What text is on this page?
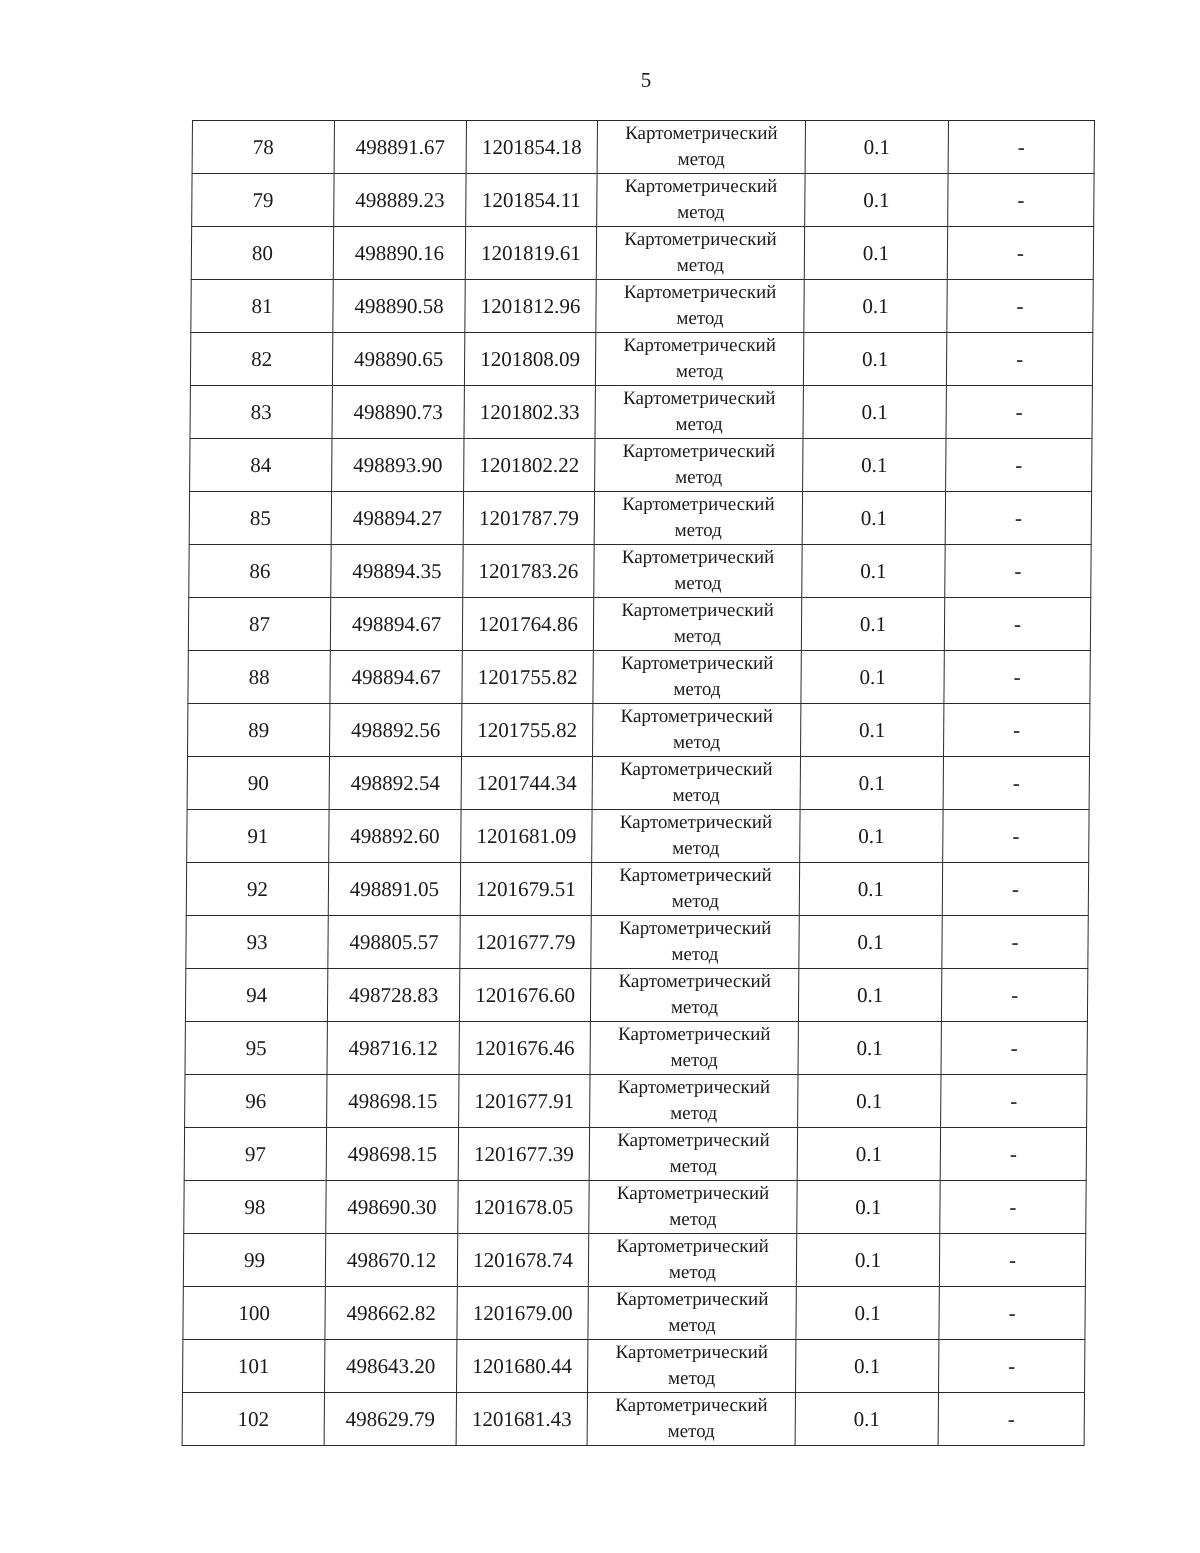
5
78	498891.67	1201854.18	Картометрический
метод	0.1	-
79	498889.23	1201854.11	Картометрический
метод	0.1	-
80	498890.16	1201819.61	Картометрический
метод	0.1	-
81	498890.58	1201812.96	Картометрический
метод	0.1	-
82	498890.65	1201808.09	Картометрический
метод	0.1	-
83	498890.73	1201802.33	Картометрический
метод	0.1	-
84	498893.90	1201802.22	Картометрический
метод	0.1	-
85	498894.27	1201787.79	Картометрический
метод	0.1	-
86	498894.35	1201783.26	Картометрический
метод	0.1	-
87	498894.67	1201764.86	Картометрический
метод	0.1	-
88	498894.67	1201755.82	Картометрический
метод	0.1	-
89	498892.56	1201755.82	Картометрический
метод	0.1	-
90	498892.54	1201744.34	Картометрический
метод	0.1	-
91	498892.60	1201681.09	Картометрический
метод	0.1	-
92	498891.05	1201679.51	Картометрический
метод	0.1	-
93	498805.57	1201677.79	Картометрический
метод	0.1	-
94	498728.83	1201676.60	Картометрический
метод	0.1	-
95	498716.12	1201676.46	Картометрический
метод	0.1	-
96	498698.15	1201677.91	Картометрический
метод	0.1	-
97	498698.15	1201677.39	Картометрический
метод	0.1	-
98	498690.30	1201678.05	Картометрический
метод	0.1	-
99	498670.12	1201678.74	Картометрический
метод	0.1	-
100	498662.82	1201679.00	Картометрический
метод	0.1	-
101	498643.20	1201680.44	Картометрический
метод	0.1	-
102	498629.79	1201681.43	Картометрический
метод	0.1	-
